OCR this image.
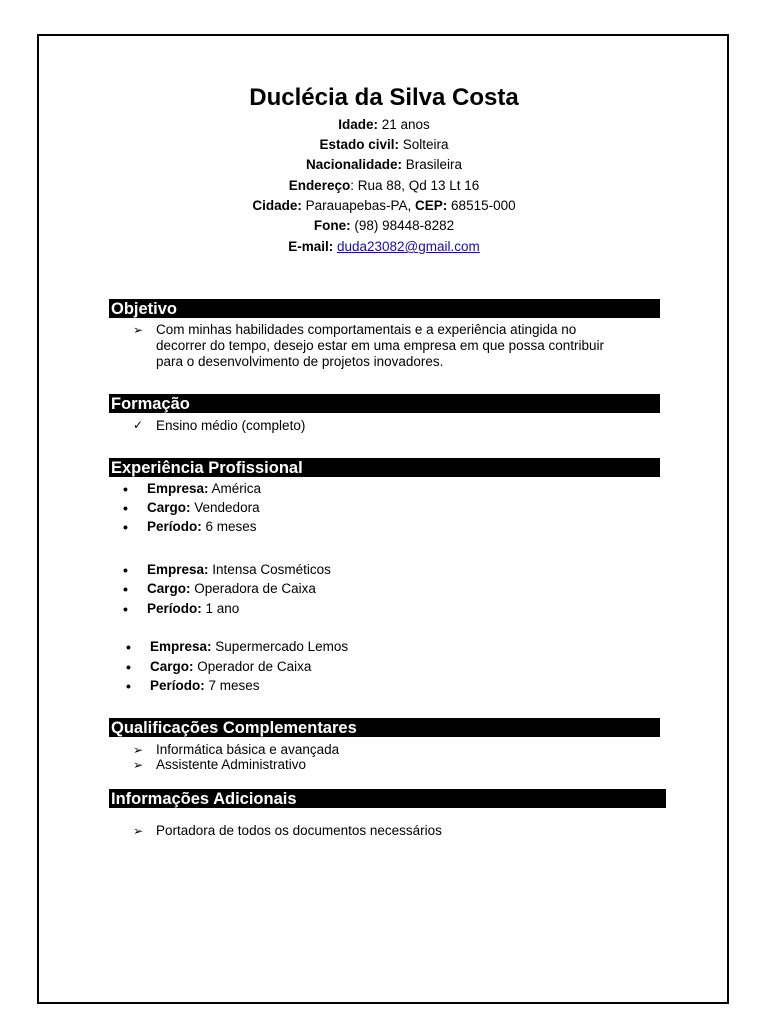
Duclécia da Silva Costa
Idade: 21 anos
Estado civil: Solteira
Nacionalidade: Brasileira
Endereço: Rua 88, Qd 13 Lt 16
Cidade: Parauapebas-PA, CEP: 68515-000
Fone: (98) 98448-8282
E-mail: duda23082@gmail.com
Objetivo
➢ Com minhas habilidades comportamentais e a experiência atingida no
decorrer do tempo, desejo estar em uma empresa em que possa contribuir
para o desenvolvimento de projetos inovadores.
Formação
✓ Ensino médio (completo)
Experiência Profissional
• Empresa: América
• Cargo: Vendedora
• Período: 6 meses
• Empresa: Intensa Cosméticos
• Cargo: Operadora de Caixa
• Período: 1 ano
• Empresa: Supermercado Lemos
• Cargo: Operador de Caixa
• Período: 7 meses
Qualificações Complementares
➢ Informática básica e avançada
➢ Assistente Administrativo
Informações Adicionais
➢ Portadora de todos os documentos necessários
